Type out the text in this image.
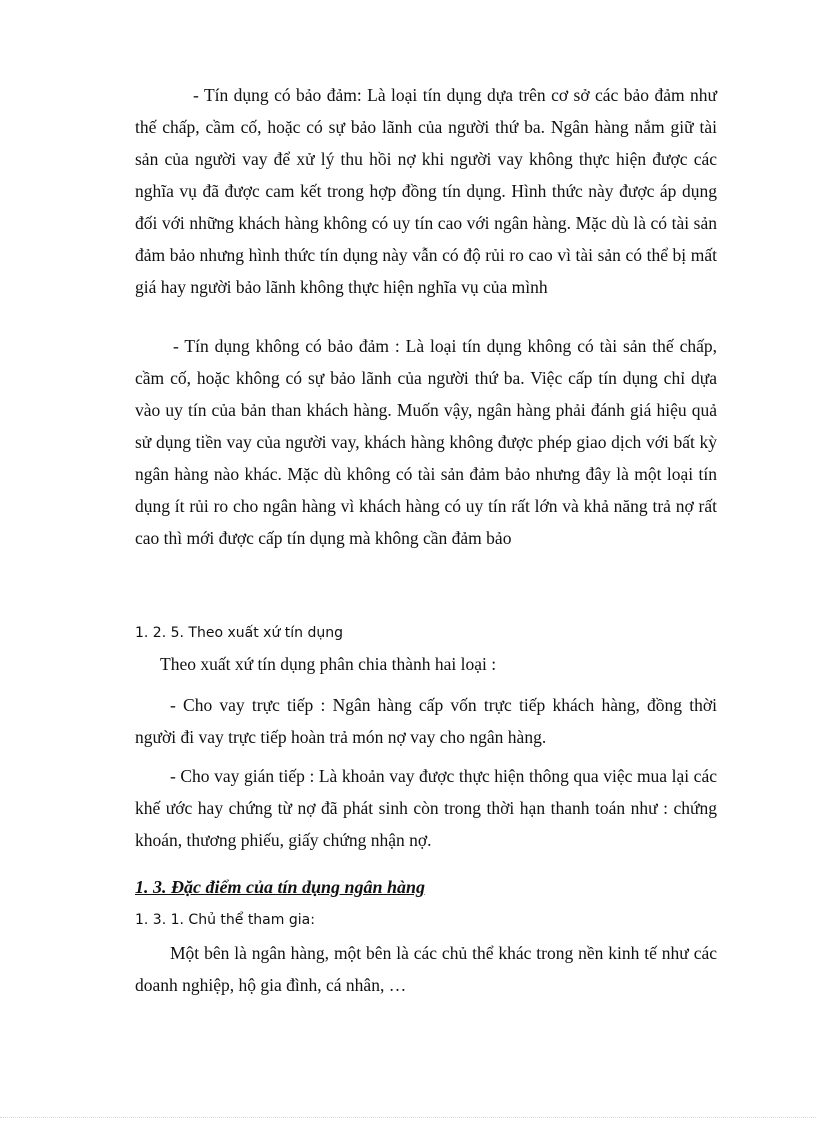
- Tín dụng có bảo đảm: Là loại tín dụng dựa trên cơ sở các bảo đảm như thế chấp, cầm cố, hoặc có sự bảo lãnh của người thứ ba. Ngân hàng nắm giữ tài sản của người vay để xử lý thu hồi nợ khi người vay không thực hiện được các nghĩa vụ đã được cam kết trong hợp đồng tín dụng. Hình thức này được áp dụng đối với những khách hàng không có uy tín cao với ngân hàng. Mặc dù là có tài sản đảm bảo nhưng hình thức tín dụng này vẫn có độ rủi ro cao vì tài sản có thể bị mất giá hay người bảo lãnh không thực hiện nghĩa vụ của mình

- Tín dụng không có bảo đảm : Là loại tín dụng không có tài sản thế chấp, cầm cố, hoặc không có sự bảo lãnh của người thứ ba. Việc cấp tín dụng chỉ dựa vào uy tín của bản than khách hàng. Muốn vậy, ngân hàng phải đánh giá hiệu quả sử dụng tiền vay của người vay, khách hàng không được phép giao dịch với bất kỳ ngân hàng nào khác. Mặc dù không có tài sản đảm bảo nhưng đây là một loại tín dụng ít rủi ro cho ngân hàng vì khách hàng có uy tín rất lớn và khả năng trả nợ rất cao thì mới được cấp tín dụng mà không cần đảm bảo

1. 2. 5. Theo xuất xứ tín dụng

Theo xuất xứ tín dụng phân chia thành hai loại :

- Cho vay trực tiếp : Ngân hàng cấp vốn trực tiếp khách hàng, đồng thời người đi vay trực tiếp hoàn trả món nợ vay cho ngân hàng.

- Cho vay gián tiếp : Là khoản vay được thực hiện thông qua việc mua lại các khế ước hay chứng từ nợ đã phát sinh còn trong thời hạn thanh toán như : chứng khoán, thương phiếu, giấy chứng nhận nợ.

1. 3. Đặc điểm của tín dụng ngân hàng

1. 3. 1. Chủ thể tham gia:

Một bên là ngân hàng, một bên là các chủ thể khác trong nền kinh tế như các doanh nghiệp, hộ gia đình, cá nhân, …
